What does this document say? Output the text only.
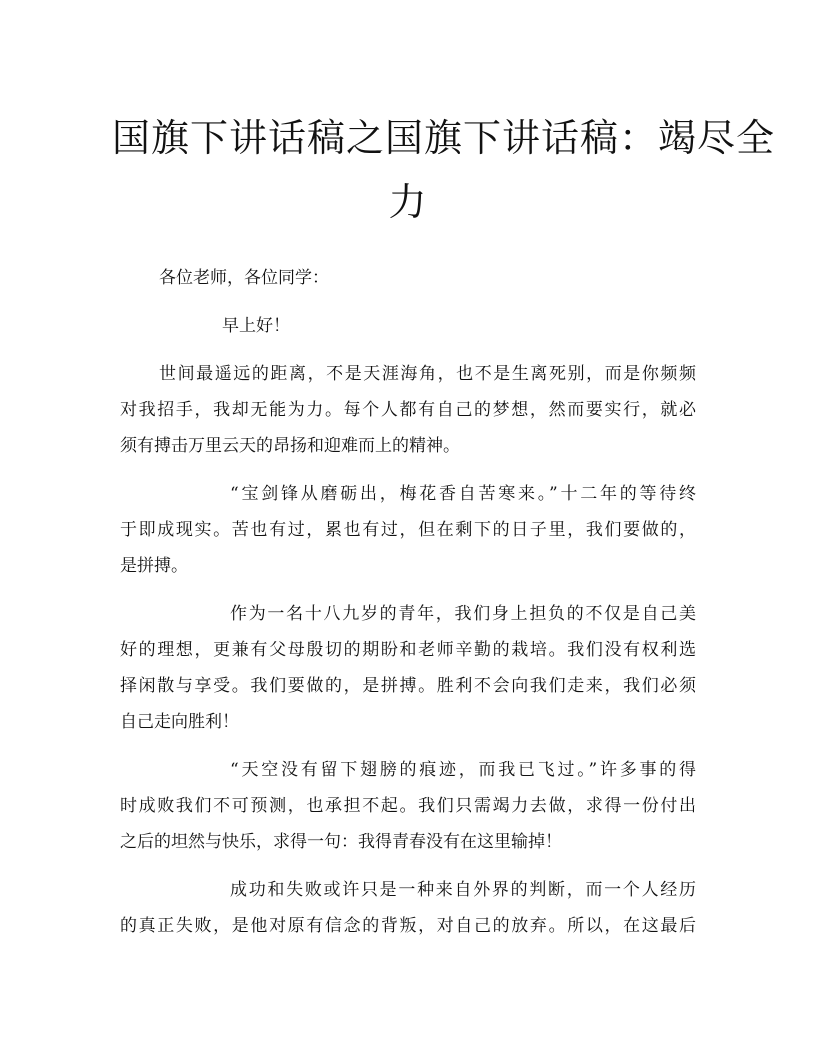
国旗下讲话稿之国旗下讲话稿：竭尽全
力

各位老师，各位同学：

早上好！

世间最遥远的距离，不是天涯海角，也不是生离死别，而是你频频
对我招手，我却无能为力。每个人都有自己的梦想，然而要实行，就必
须有搏击万里云天的昂扬和迎难而上的精神。

“宝剑锋从磨砺出，梅花香自苦寒来。”十二年的等待终
于即成现实。苦也有过，累也有过，但在剩下的日子里，我们要做的，
是拼搏。

作为一名十八九岁的青年，我们身上担负的不仅是自己美
好的理想，更兼有父母殷切的期盼和老师辛勤的栽培。我们没有权利选
择闲散与享受。我们要做的，是拼搏。胜利不会向我们走来，我们必须
自己走向胜利！

“天空没有留下翅膀的痕迹，而我已飞过。”许多事的得
时成败我们不可预测，也承担不起。我们只需竭力去做，求得一份付出
之后的坦然与快乐，求得一句：我得青春没有在这里输掉！

成功和失败或许只是一种来自外界的判断，而一个人经历
的真正失败，是他对原有信念的背叛，对自己的放弃。所以，在这最后
